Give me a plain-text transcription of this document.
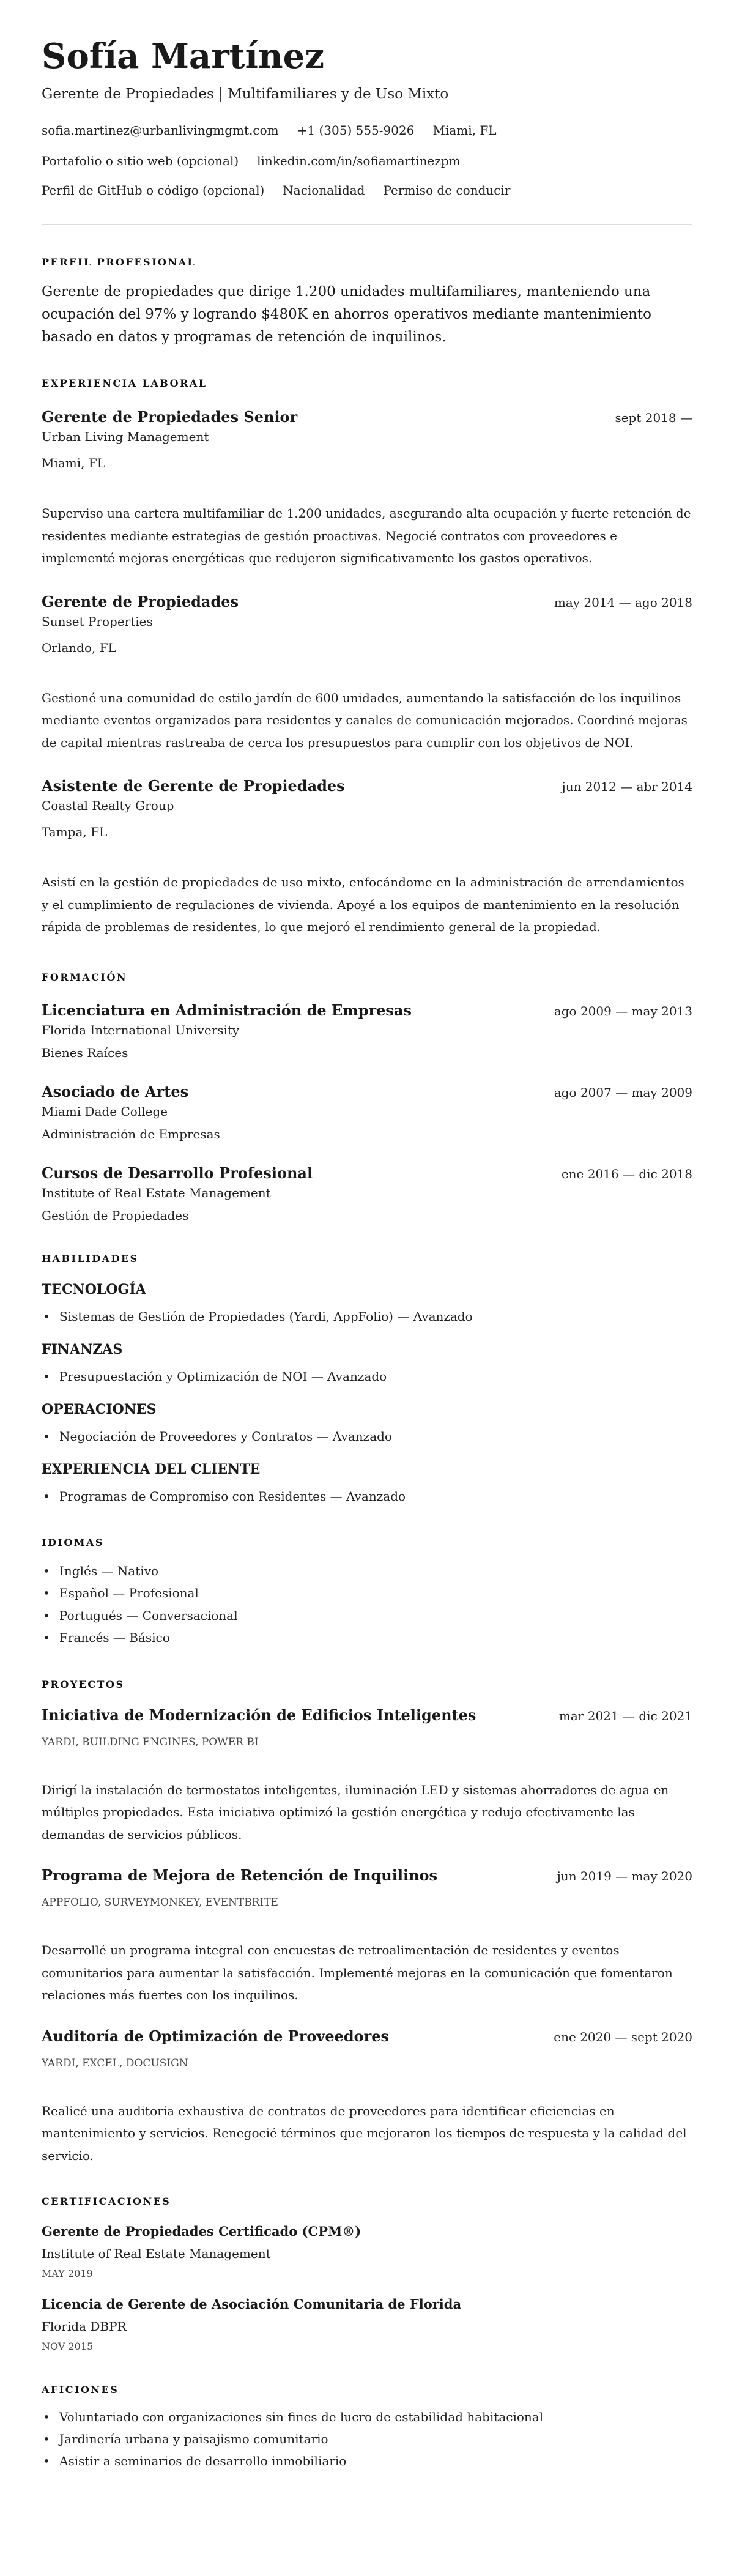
Sofía Martínez
Gerente de Propiedades | Multifamiliares y de Uso Mixto
sofia.martinez@urbanlivingmgmt.com +1 (305) 555-9026 Miami, FL
Portafolio o sitio web (opcional) linkedin.com/in/sofiamartinezpm
Perfil de GitHub o código (opcional) Nacionalidad Permiso de conducir
PERFIL PROFESIONAL

Gerente de propiedades que dirige 1.200 unidades multifamiliares, manteniendo una ocupación del 97% y logrando $480K en ahorros operativos mediante mantenimiento basado en datos y programas de retención de inquilinos.

EXPERIENCIA LABORAL
Gerente de Propiedades Senior	sept 2018 —
Urban Living Management
Miami, FL
Superviso una cartera multifamiliar de 1.200 unidades, asegurando alta ocupación y fuerte retención de residentes mediante estrategias de gestión proactivas. Negocié contratos con proveedores e implementé mejoras energéticas que redujeron significativamente los gastos operativos.
Gerente de Propiedades	may 2014 — ago 2018
Sunset Properties
Orlando, FL
Gestioné una comunidad de estilo jardín de 600 unidades, aumentando la satisfacción de los inquilinos mediante eventos organizados para residentes y canales de comunicación mejorados. Coordiné mejoras de capital mientras rastreaba de cerca los presupuestos para cumplir con los objetivos de NOI.
Asistente de Gerente de Propiedades	jun 2012 — abr 2014
Coastal Realty Group
Tampa, FL
Asistí en la gestión de propiedades de uso mixto, enfocándome en la administración de arrendamientos y el cumplimiento de regulaciones de vivienda. Apoyé a los equipos de mantenimiento en la resolución rápida de problemas de residentes, lo que mejoró el rendimiento general de la propiedad.
FORMACIÓN
Licenciatura en Administración de Empresas	ago 2009 — may 2013
Florida International University
Bienes Raíces
Asociado de Artes	ago 2007 — may 2009
Miami Dade College
Administración de Empresas
Cursos de Desarrollo Profesional	ene 2016 — dic 2018
Institute of Real Estate Management
Gestión de Propiedades
HABILIDADES
TECNOLOGÍA
• Sistemas de Gestión de Propiedades (Yardi, AppFolio) — Avanzado
FINANZAS
• Presupuestación y Optimización de NOI — Avanzado
OPERACIONES
• Negociación de Proveedores y Contratos — Avanzado
EXPERIENCIA DEL CLIENTE
• Programas de Compromiso con Residentes — Avanzado
IDIOMAS
• Inglés — Nativo
• Español — Profesional
• Portugués — Conversacional
• Francés — Básico
PROYECTOS
Iniciativa de Modernización de Edificios Inteligentes	mar 2021 — dic 2021
YARDI, BUILDING ENGINES, POWER BI
Dirigí la instalación de termostatos inteligentes, iluminación LED y sistemas ahorradores de agua en múltiples propiedades. Esta iniciativa optimizó la gestión energética y redujo efectivamente las demandas de servicios públicos.
Programa de Mejora de Retención de Inquilinos	jun 2019 — may 2020
APPFOLIO, SURVEYMONKEY, EVENTBRITE
Desarrollé un programa integral con encuestas de retroalimentación de residentes y eventos comunitarios para aumentar la satisfacción. Implementé mejoras en la comunicación que fomentaron relaciones más fuertes con los inquilinos.
Auditoría de Optimización de Proveedores	ene 2020 — sept 2020
YARDI, EXCEL, DOCUSIGN
Realicé una auditoría exhaustiva de contratos de proveedores para identificar eficiencias en mantenimiento y servicios. Renegocié términos que mejoraron los tiempos de respuesta y la calidad del servicio.
CERTIFICACIONES
Gerente de Propiedades Certificado (CPM®)
Institute of Real Estate Management
MAY 2019
Licencia de Gerente de Asociación Comunitaria de Florida
Florida DBPR
NOV 2015
AFICIONES
• Voluntariado con organizaciones sin fines de lucro de estabilidad habitacional
• Jardinería urbana y paisajismo comunitario
• Asistir a seminarios de desarrollo inmobiliario
